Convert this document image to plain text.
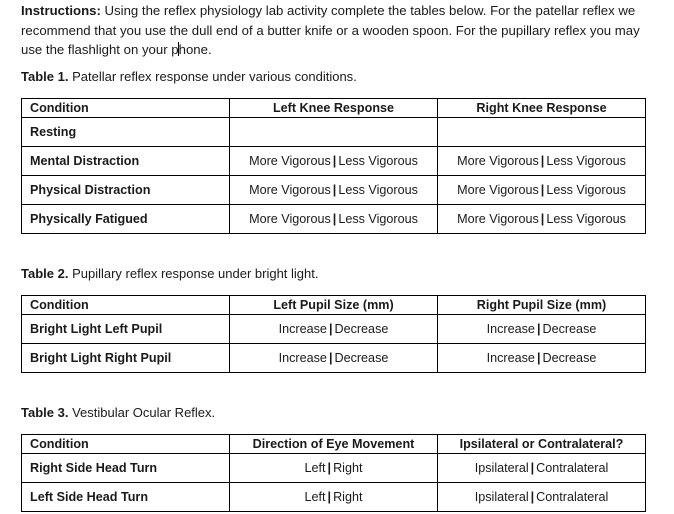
Instructions: Using the reflex physiology lab activity complete the tables below. For the patellar reflex we recommend that you use the dull end of a butter knife or a wooden spoon. For the pupillary reflex you may use the flashlight on your phone.

Table 1. Patellar reflex response under various conditions.
Condition	Left Knee Response	Right Knee Response
Resting		
Mental Distraction	More Vigorous | Less Vigorous	More Vigorous | Less Vigorous
Physical Distraction	More Vigorous | Less Vigorous	More Vigorous | Less Vigorous
Physically Fatigued	More Vigorous | Less Vigorous	More Vigorous | Less Vigorous
Table 2. Pupillary reflex response under bright light.
Condition	Left Pupil Size (mm)	Right Pupil Size (mm)
Bright Light Left Pupil	Increase | Decrease	Increase | Decrease
Bright Light Right Pupil	Increase | Decrease	Increase | Decrease
Table 3. Vestibular Ocular Reflex.
Condition	Direction of Eye Movement	Ipsilateral or Contralateral?
Right Side Head Turn	Left | Right	Ipsilateral | Contralateral
Left Side Head Turn	Left | Right	Ipsilateral | Contralateral
